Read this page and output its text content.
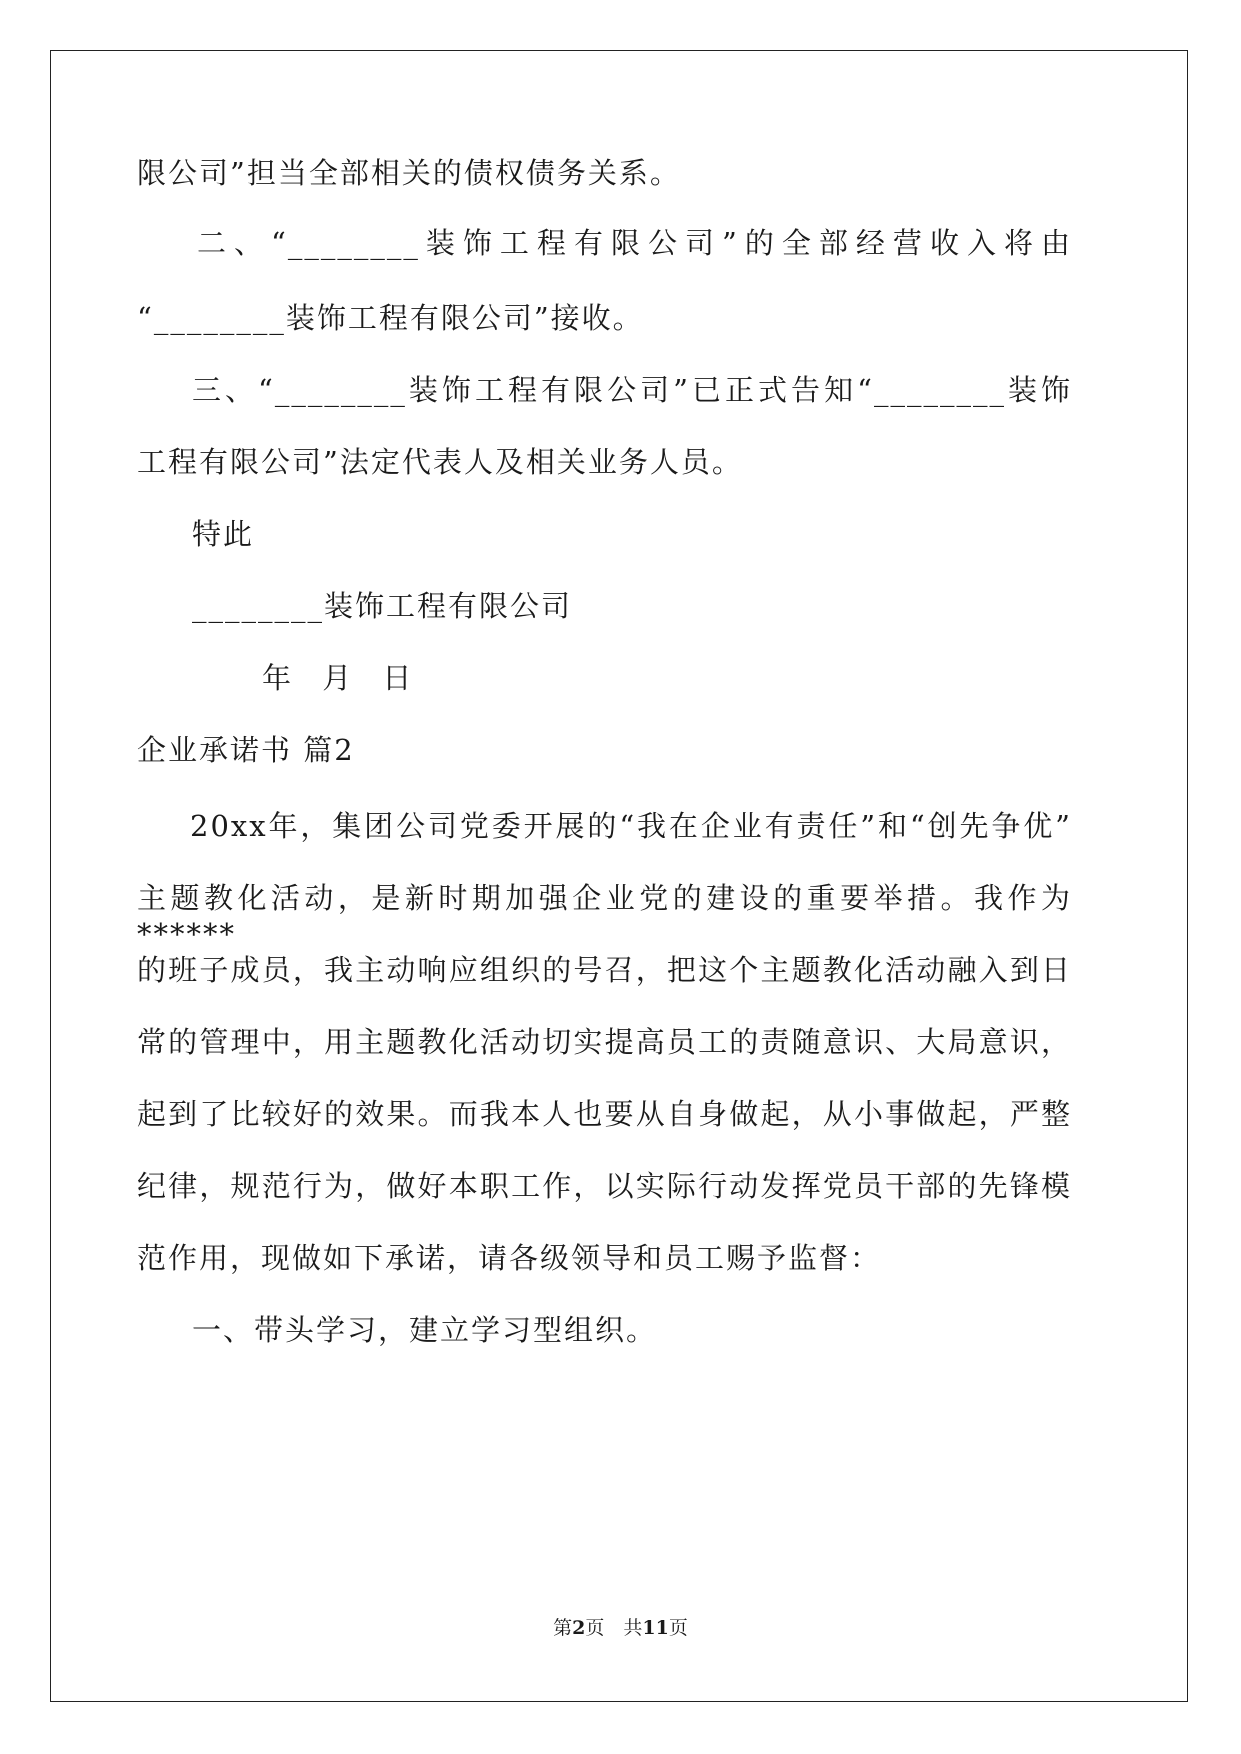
限公司”担当全部相关的债权债务关系。
二、“________装饰工程有限公司”的全部经营收入将由
“________装饰工程有限公司”接收。
三、“________装饰工程有限公司”已正式告知“________装饰
工程有限公司”法定代表人及相关业务人员。
特此
________装饰工程有限公司
年 月 日
企业承诺书 篇2
20xx年，集团公司党委开展的“我在企业有责任”和“创先争优”
主题教化活动，是新时期加强企业党的建设的重要举措。我作为******
的班子成员，我主动响应组织的号召，把这个主题教化活动融入到日
常的管理中，用主题教化活动切实提高员工的责随意识、大局意识，
起到了比较好的效果。而我本人也要从自身做起，从小事做起，严整
纪律，规范行为，做好本职工作，以实际行动发挥党员干部的先锋模
范作用，现做如下承诺，请各级领导和员工赐予监督：
一、带头学习，建立学习型组织。
第2页　共11页
